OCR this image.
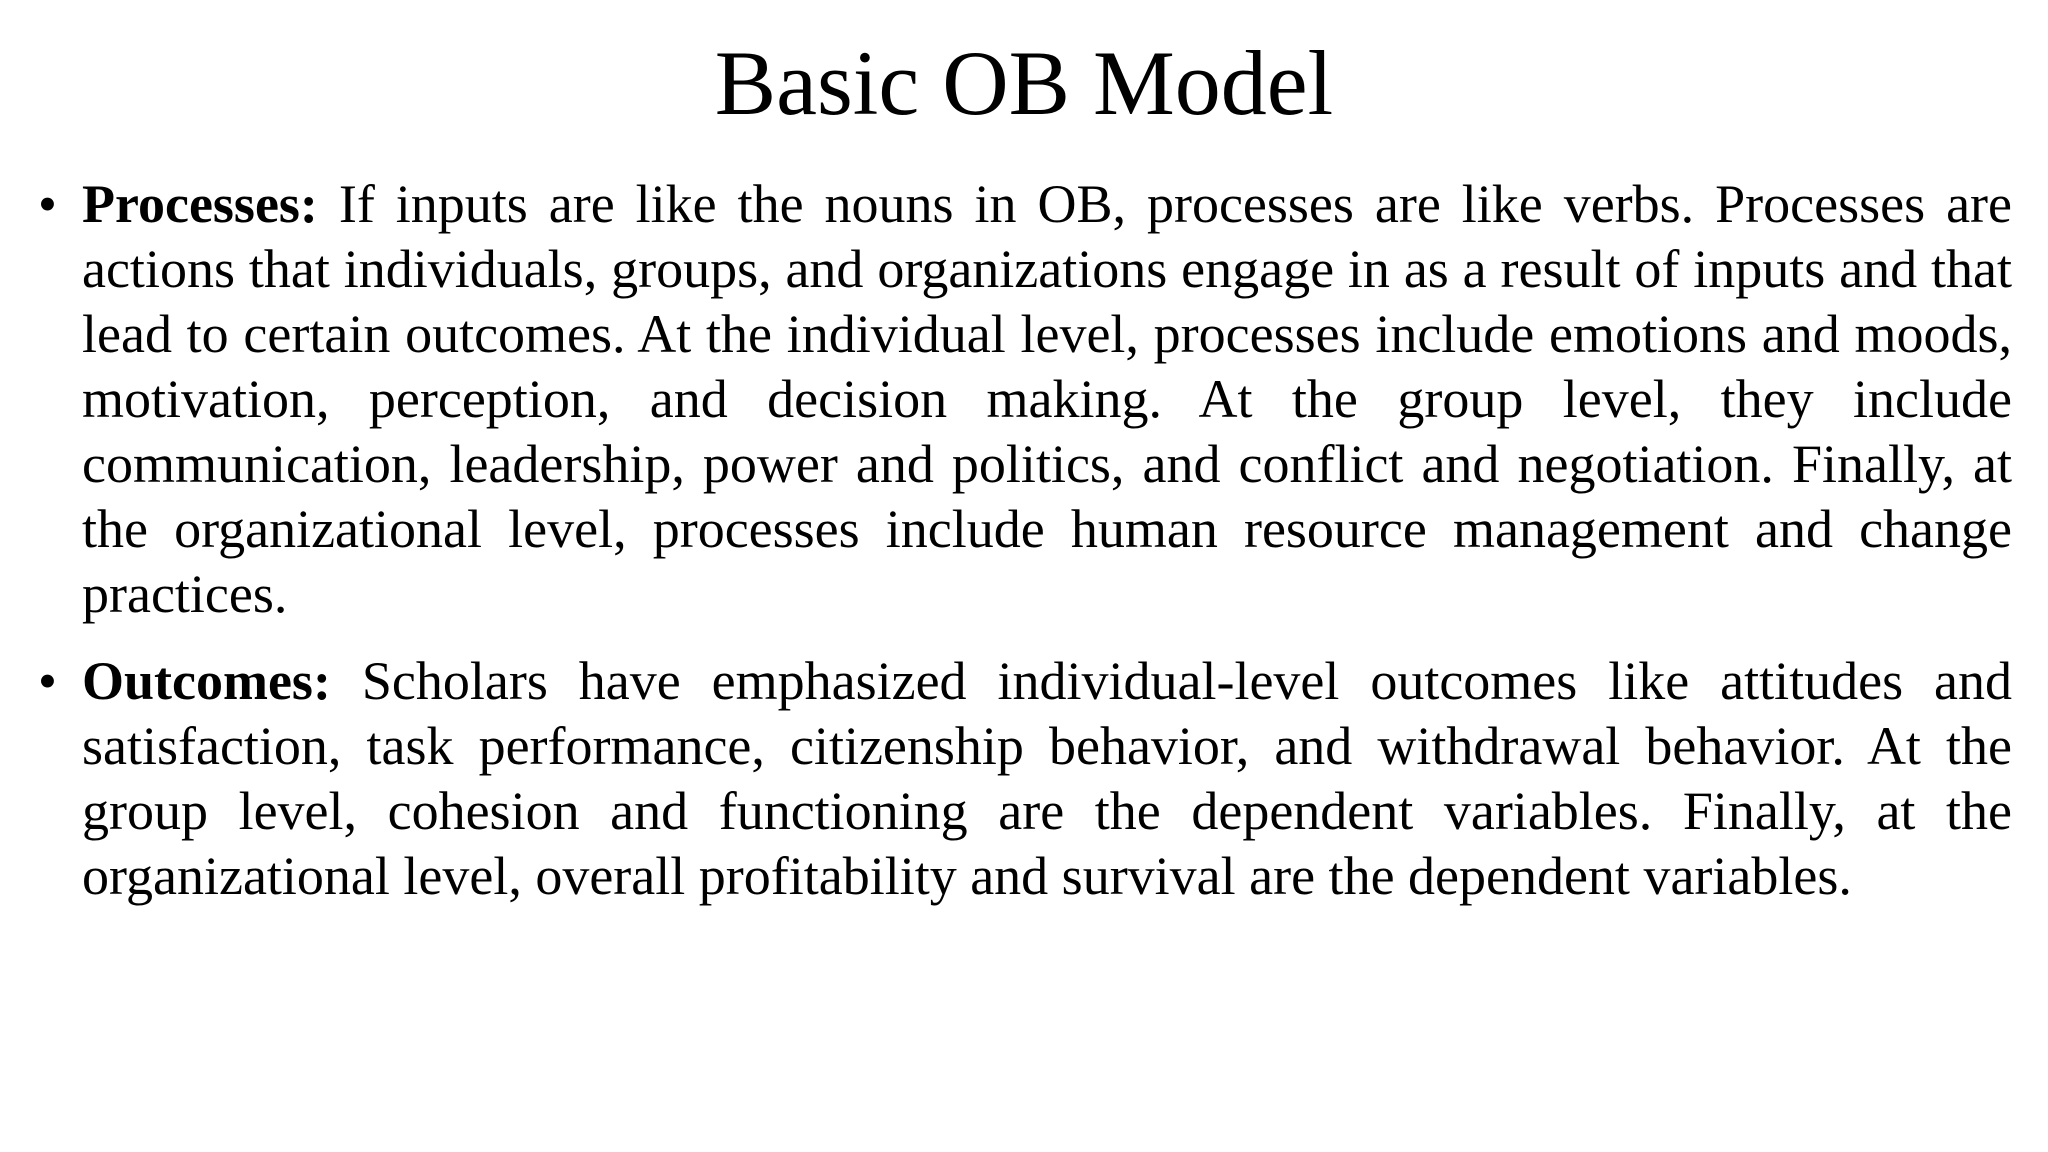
Basic OB Model
• Processes: If inputs are like the nouns in OB, processes are like verbs. Processes are actions that individuals, groups, and organizations engage in as a result of inputs and that lead to certain outcomes. At the individual level, processes include emotions and moods, motivation, perception, and decision making. At the group level, they include communication, leadership, power and politics, and conflict and negotiation. Finally, at the organizational level, processes include human resource management and change practices.
• Outcomes: Scholars have emphasized individual-level outcomes like attitudes and satisfaction, task performance, citizenship behavior, and withdrawal behavior. At the group level, cohesion and functioning are the dependent variables. Finally, at the organizational level, overall profitability and survival are the dependent variables.
